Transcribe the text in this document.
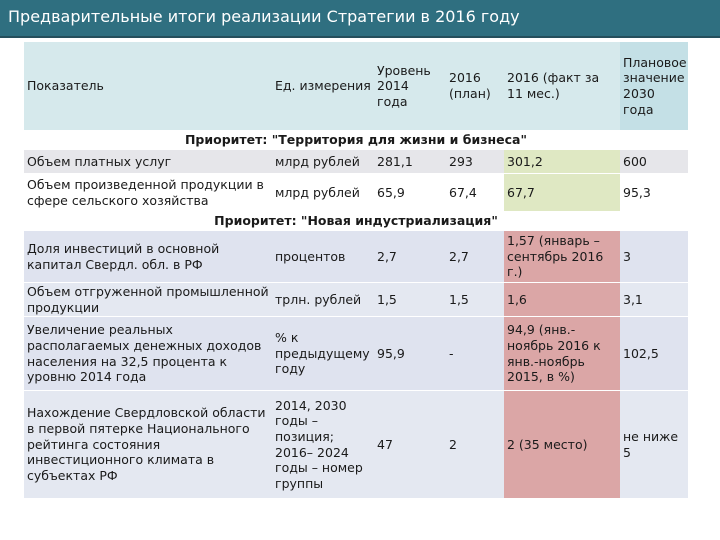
Предварительные итоги реализации Стратегии в 2016 году
Показатель	Ед. измерения	Уровень 2014 года	2016 (план)	2016 (факт за 11 мес.)	Плановое значение 2030 года
Приоритет: "Территория для жизни и бизнеса"					
Объем платных услуг	млрд рублей	281,1	293	301,2	600
Объем произведенной продукции в сфере сельского хозяйства	млрд рублей	65,9	67,4	67,7	95,3
Приоритет: "Новая индустриализация"					
Доля инвестиций в основной капитал Свердл. обл. в РФ	процентов	2,7	2,7	1,57 (январь – сентябрь 2016 г.)	3
Объем отгруженной промышленной продукции	трлн. рублей	1,5	1,5	1,6	3,1
Увеличение реальных располагаемых денежных доходов населения на 32,5 процента к уровню 2014 года	% к предыдущему году	95,9	-	94,9 (янв.-ноябрь 2016 к янв.-ноябрь 2015, в %)	102,5
Нахождение Свердловской области в первой пятерке Национального рейтинга состояния инвестиционного климата в субъектах РФ	2014, 2030 годы – позиция; 2016– 2024 годы – номер группы	47	2	2 (35 место)	не ниже 5
